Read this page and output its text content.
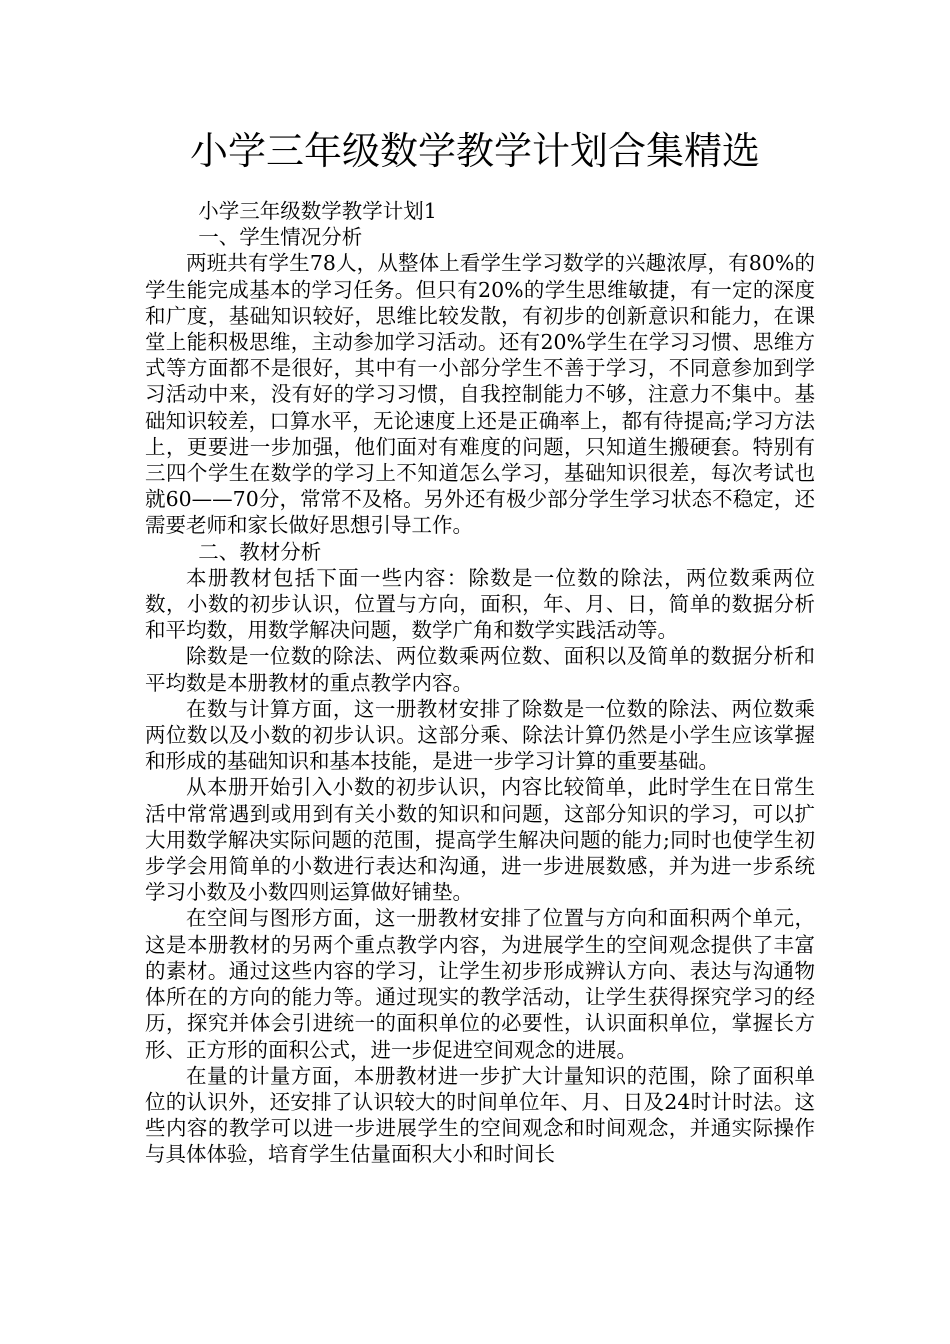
小学三年级数学教学计划合集精选

小学三年级数学教学计划1

一、学生情况分析

两班共有学生78人，从整体上看学生学习数学的兴趣浓厚，有80%的学生能完成基本的学习任务。但只有20%的学生思维敏捷，有一定的深度和广度，基础知识较好，思维比较发散，有初步的创新意识和能力，在课堂上能积极思维，主动参加学习活动。还有20%学生在学习习惯、思维方式等方面都不是很好，其中有一小部分学生不善于学习，不同意参加到学习活动中来，没有好的学习习惯，自我控制能力不够，注意力不集中。基础知识较差，口算水平，无论速度上还是正确率上，都有待提高;学习方法上，更要进一步加强，他们面对有难度的问题，只知道生搬硬套。特别有三四个学生在数学的学习上不知道怎么学习，基础知识很差，每次考试也就60——70分，常常不及格。另外还有极少部分学生学习状态不稳定，还需要老师和家长做好思想引导工作。

二、教材分析

本册教材包括下面一些内容：除数是一位数的除法，两位数乘两位数，小数的初步认识，位置与方向，面积，年、月、日，简单的数据分析和平均数，用数学解决问题，数学广角和数学实践活动等。

除数是一位数的除法、两位数乘两位数、面积以及简单的数据分析和平均数是本册教材的重点教学内容。

在数与计算方面，这一册教材安排了除数是一位数的除法、两位数乘两位数以及小数的初步认识。这部分乘、除法计算仍然是小学生应该掌握和形成的基础知识和基本技能，是进一步学习计算的重要基础。

从本册开始引入小数的初步认识，内容比较简单，此时学生在日常生活中常常遇到或用到有关小数的知识和问题，这部分知识的学习，可以扩大用数学解决实际问题的范围，提高学生解决问题的能力;同时也使学生初步学会用简单的小数进行表达和沟通，进一步进展数感，并为进一步系统学习小数及小数四则运算做好铺垫。

在空间与图形方面，这一册教材安排了位置与方向和面积两个单元，这是本册教材的另两个重点教学内容，为进展学生的空间观念提供了丰富的素材。通过这些内容的学习，让学生初步形成辨认方向、表达与沟通物体所在的方向的能力等。通过现实的教学活动，让学生获得探究学习的经历，探究并体会引进统一的面积单位的必要性，认识面积单位，掌握长方形、正方形的面积公式，进一步促进空间观念的进展。

在量的计量方面，本册教材进一步扩大计量知识的范围，除了面积单位的认识外，还安排了认识较大的时间单位年、月、日及24时计时法。这些内容的教学可以进一步进展学生的空间观念和时间观念，并通实际操作与具体体验，培育学生估量面积大小和时间长
